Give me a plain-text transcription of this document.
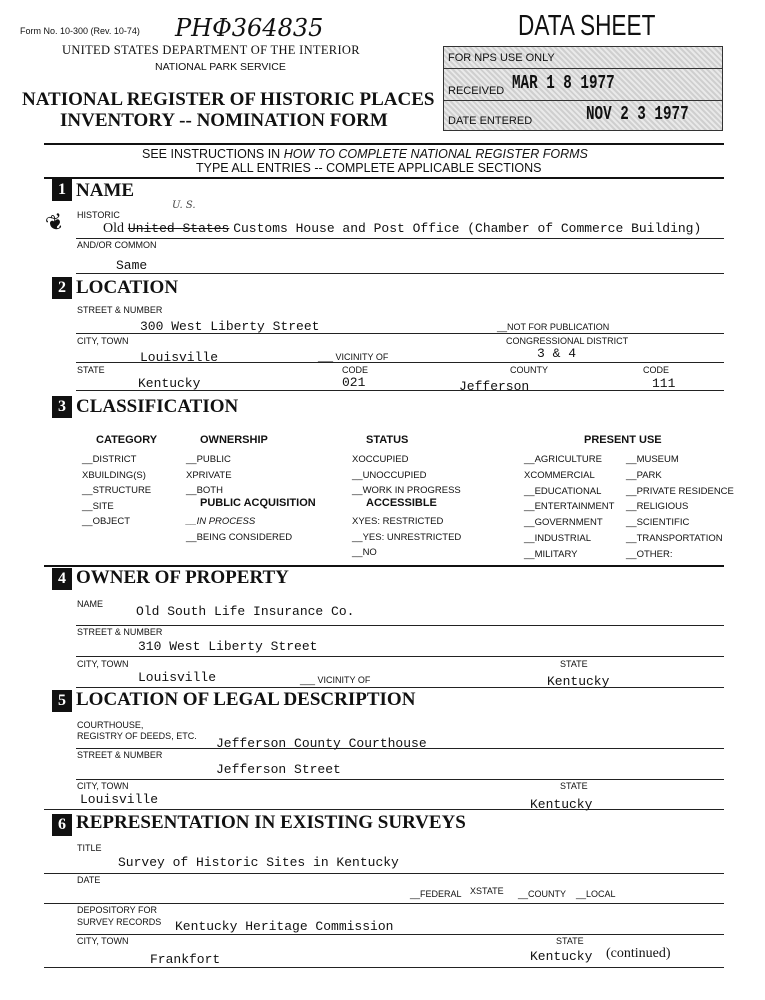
Form No. 10-300 (Rev. 10-74) PHΦ364835
UNITED STATES DEPARTMENT OF THE INTERIOR
NATIONAL PARK SERVICE
NATIONAL REGISTER OF HISTORIC PLACES
INVENTORY -- NOMINATION FORM
DATA SHEET
FOR NPS USE ONLY
RECEIVED MAR 1 8 1977
DATE ENTERED	NOV 2 3 1977
SEE INSTRUCTIONS IN HOW TO COMPLETE NATIONAL REGISTER FORMS
TYPE ALL ENTRIES -- COMPLETE APPLICABLE SECTIONS
1 NAME
❦ HISTORIC
U. S.
Old United States Customs House and Post Office (Chamber of Commerce Building)
AND/OR COMMON
Same
2 LOCATION
STREET & NUMBER
300 West Liberty Street	__NOT FOR PUBLICATION
CITY, TOWN	CONGRESSIONAL DISTRICT
Louisville	___ VICINITY OF	3 & 4
STATE	CODE	COUNTY	CODE
Kentucky	021	Jefferson	111
3 CLASSIFICATION
CATEGORY
__DISTRICT
XBUILDING(S)
__STRUCTURE
__SITE
__OBJECT
OWNERSHIP
__PUBLIC
XPRIVATE
__BOTH
PUBLIC ACQUISITION
__IN PROCESS
__BEING CONSIDERED
STATUS
XOCCUPIED
__UNOCCUPIED
__WORK IN PROGRESS
ACCESSIBLE
XYES: RESTRICTED
__YES: UNRESTRICTED
__NO
PRESENT USE
__AGRICULTURE
XCOMMERCIAL
__EDUCATIONAL
__ENTERTAINMENT
__GOVERNMENT
__INDUSTRIAL
__MILITARY
__MUSEUM
__PARK
__PRIVATE RESIDENCE
__RELIGIOUS
__SCIENTIFIC
__TRANSPORTATION
__OTHER:
4 OWNER OF PROPERTY
NAME	Old South Life Insurance Co.
STREET & NUMBER
310 West Liberty Street
CITY, TOWN	STATE
Louisville	___ VICINITY OF	Kentucky
5 LOCATION OF LEGAL DESCRIPTION
COURTHOUSE,
REGISTRY OF DEEDS, ETC. Jefferson County Courthouse
STREET & NUMBER
Jefferson Street
CITY, TOWN	STATE
Louisville	Kentucky
6 REPRESENTATION IN EXISTING SURVEYS
TITLE
Survey of Historic Sites in Kentucky
DATE
__FEDERAL XSTATE __COUNTY __LOCAL
DEPOSITORY FOR
SURVEY RECORDS Kentucky Heritage Commission
CITY, TOWN	STATE
Frankfort	Kentucky (continued)
